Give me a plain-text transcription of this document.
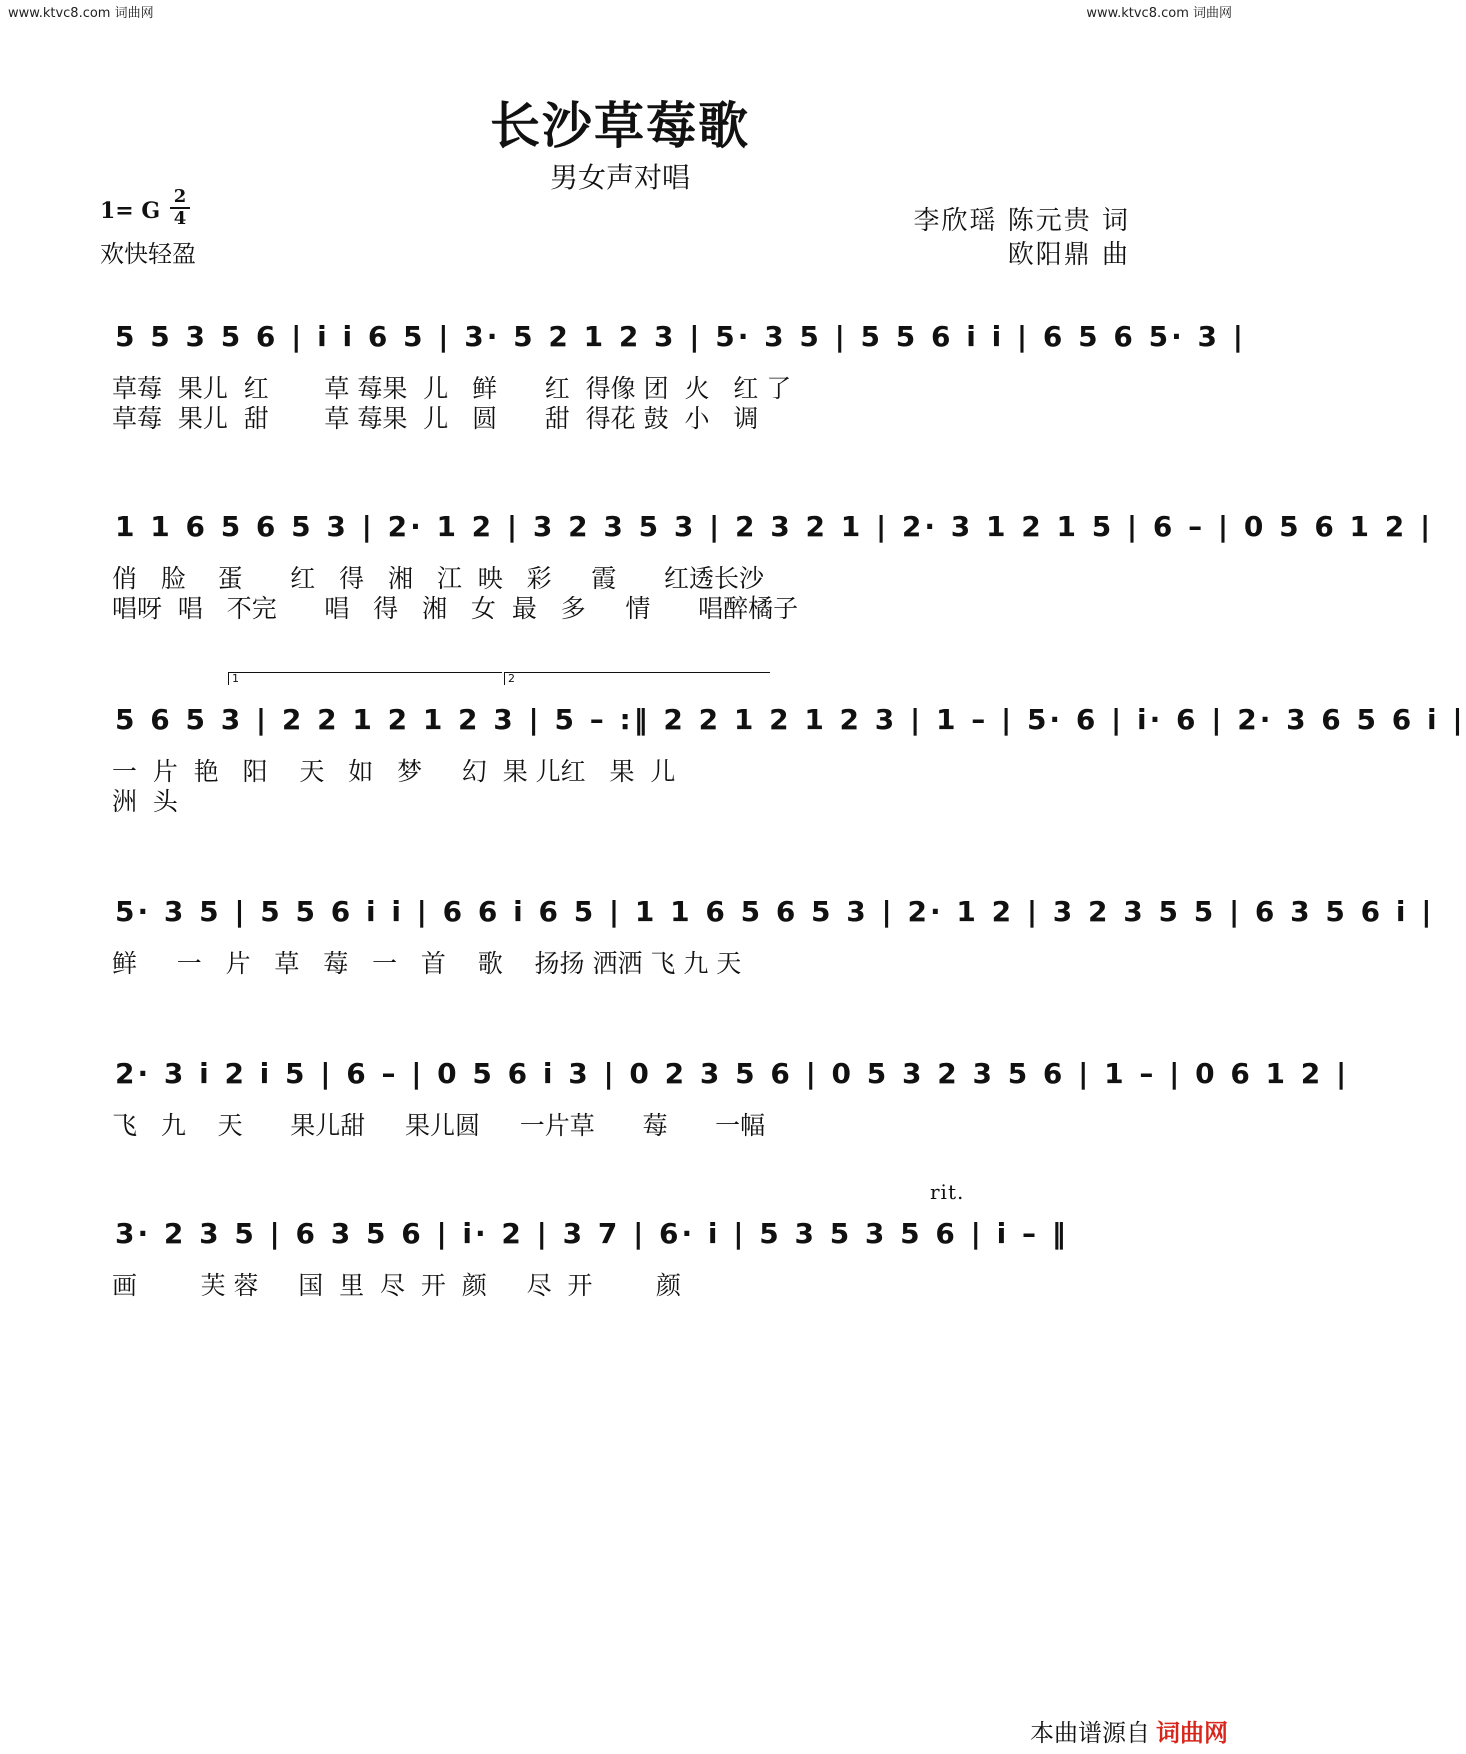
www.ktvc8.com 词曲网	www.ktvc8.com 词曲网
长沙草莓歌
男女声对唱
1= G
2
4
欢快轻盈
李欣瑶 陈元贵 词
欧阳鼎 曲
5 5 3 5 6 | i i 6 5 | 3· 5 2 1 2 3 | 5· 3 5 | 5 5 6 i i | 6 5 6 5· 3 |
草莓  果儿  红       草 莓果  儿   鲜      红  得像 团  火   红 了
草莓  果儿  甜       草 莓果  儿   圆      甜  得花 鼓  小   调
1 1 6 5 6 5 3 | 2· 1 2 | 3 2 3 5 3 | 2 3 2 1 | 2· 3 1 2 1 5 | 6 – | 0 5 6 1 2 |
俏   脸    蛋      红   得   湘   江  映   彩     霞      红透长沙
唱呀  唱   不完      唱   得   湘   女  最   多     情      唱醉橘子
1	2
5 6 5 3 | 2 2 1 2 1 2 3 | 5 – :‖ 2 2 1 2 1 2 3 | 1 – | 5· 6 | i· 6 | 2· 3 6 5 6 i |
一  片  艳   阳    天   如   梦     幻  果 儿红   果  儿
洲  头
5· 3 5 | 5 5 6 i i | 6 6 i 6 5 | 1 1 6 5 6 5 3 | 2· 1 2 | 3 2 3 5 5 | 6 3 5 6 i |
鲜     一   片   草   莓   一   首    歌    扬扬 洒洒 飞 九 天
2· 3 i 2 i 5 | 6 – | 0 5 6 i 3 | 0 2 3 5 6 | 0 5 3 2 3 5 6 | 1 – | 0 6 1 2 |
飞   九    天      果儿甜     果儿圆     一片草      莓      一幅
rit.
3· 2 3 5 | 6 3 5 6 | i· 2 | 3 7 | 6· i | 5 3 5 3 5 6 | i – ‖
画        芙 蓉     国  里  尽  开  颜     尽  开        颜
本曲谱源自 词曲网
